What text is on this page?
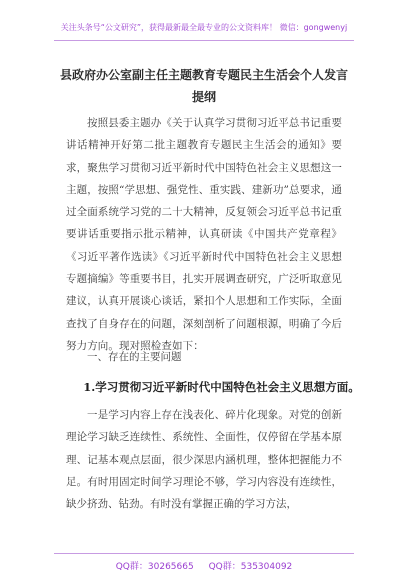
关注头条号“公文研究”，获得最新最全最专业的公文资料库！ 微信：gongwenyj
县政府办公室副主任主题教育专题民主生活会个人发言提纲

按照县委主题办《关于认真学习贯彻习近平总书记重要讲话精神开好第二批主题教育专题民主生活会的通知》要求，聚焦学习贯彻习近平新时代中国特色社会主义思想这一主题，按照“学思想、强党性、重实践、建新功”总要求，通过全面系统学习党的二十大精神，反复领会习近平总书记重要讲话重要指示批示精神，认真研读《中国共产党章程》《习近平著作选读》《习近平新时代中国特色社会主义思想专题摘编》等重要书目，扎实开展调查研究，广泛听取意见建议，认真开展谈心谈话，紧扣个人思想和工作实际，全面查找了自身存在的问题，深刻剖析了问题根源，明确了今后努力方向。现对照检查如下：

一、存在的主要问题

1.学习贯彻习近平新时代中国特色社会主义思想方面。

一是学习内容上存在浅表化、碎片化现象。对党的创新理论学习缺乏连续性、系统性、全面性，仅停留在学基本原理、记基本观点层面，很少深思内涵机理，整体把握能力不足。有时用固定时间学习理论不够，学习内容没有连续性，缺少挤劲、钻劲。有时没有掌握正确的学习方法，

QQ群：30265665 QQ群：535304092
